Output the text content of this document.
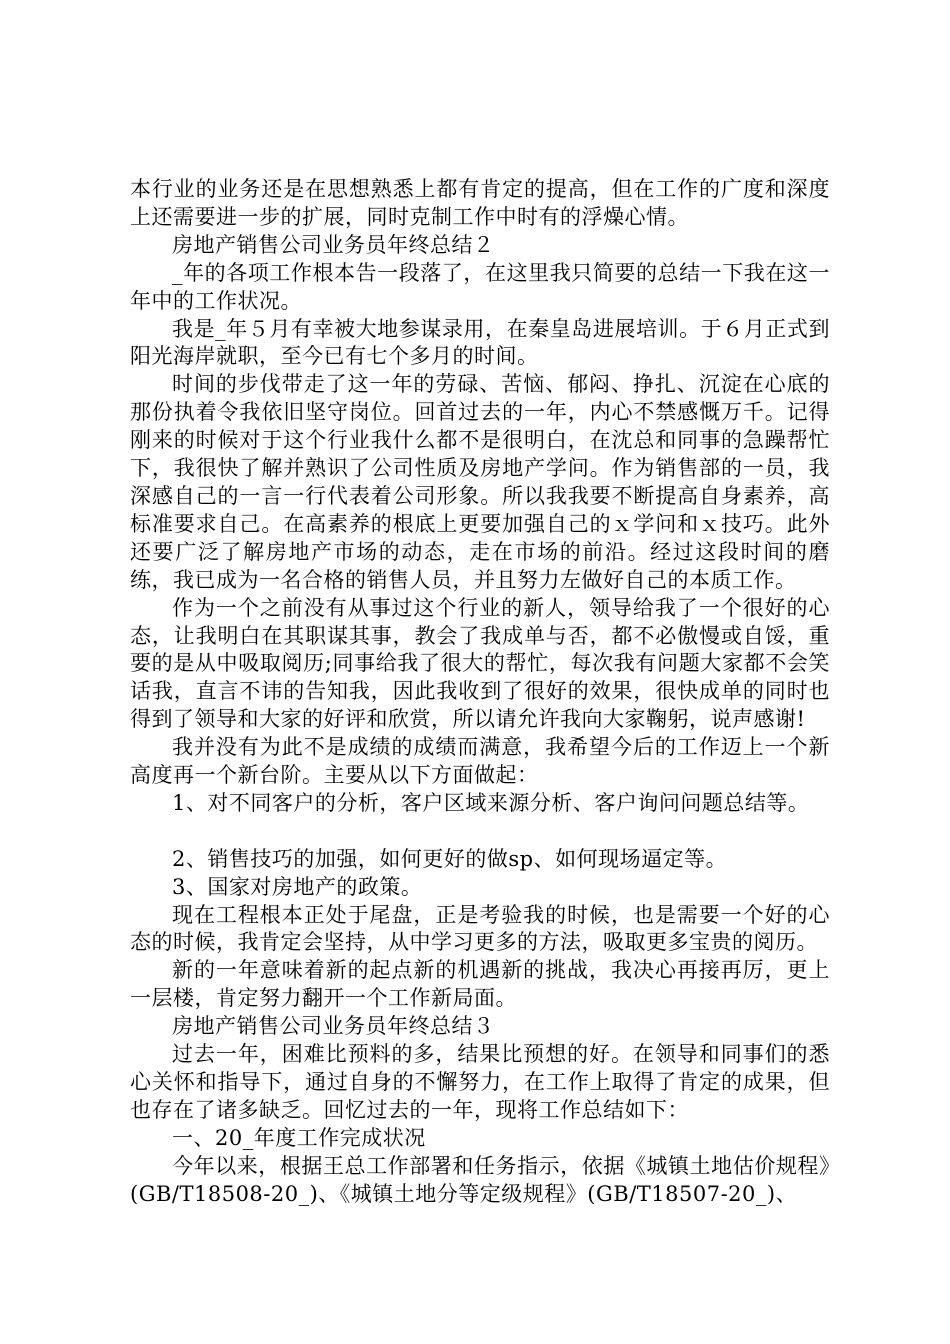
本行业的业务还是在思想熟悉上都有肯定的提高，但在工作的广度和深度上还需要进一步的扩展，同时克制工作中时有的浮燥心情。

房地产销售公司业务员年终总结２

_年的各项工作根本告一段落了，在这里我只简要的总结一下我在这一年中的工作状况。

我是_年５月有幸被大地参谋录用，在秦皇岛进展培训。于６月正式到阳光海岸就职，至今已有七个多月的时间。

时间的步伐带走了这一年的劳碌、苦恼、郁闷、挣扎、沉淀在心底的那份执着令我依旧坚守岗位。回首过去的一年，内心不禁感慨万千。记得刚来的时候对于这个行业我什么都不是很明白，在沈总和同事的急躁帮忙下，我很快了解并熟识了公司性质及房地产学问。作为销售部的一员，我深感自己的一言一行代表着公司形象。所以我我要不断提高自身素养，高标准要求自己。在高素养的根底上更要加强自己的ｘ学问和ｘ技巧。此外还要广泛了解房地产市场的动态，走在市场的前沿。经过这段时间的磨练，我已成为一名合格的销售人员，并且努力左做好自己的本质工作。

作为一个之前没有从事过这个行业的新人，领导给我了一个很好的心态，让我明白在其职谋其事，教会了我成单与否，都不必傲慢或自馁，重要的是从中吸取阅历;同事给我了很大的帮忙，每次我有问题大家都不会笑话我，直言不讳的告知我，因此我收到了很好的效果，很快成单的同时也得到了领导和大家的好评和欣赏，所以请允许我向大家鞠躬，说声感谢!

我并没有为此不是成绩的成绩而满意，我希望今后的工作迈上一个新高度再一个新台阶。主要从以下方面做起：

1、对不同客户的分析，客户区域来源分析、客户询问问题总结等。

2、销售技巧的加强，如何更好的做sp、如何现场逼定等。

3、国家对房地产的政策。

现在工程根本正处于尾盘，正是考验我的时候，也是需要一个好的心态的时候，我肯定会坚持，从中学习更多的方法，吸取更多宝贵的阅历。

新的一年意味着新的起点新的机遇新的挑战，我决心再接再厉，更上一层楼，肯定努力翻开一个工作新局面。

房地产销售公司业务员年终总结３

过去一年，困难比预料的多，结果比预想的好。在领导和同事们的悉心关怀和指导下，通过自身的不懈努力，在工作上取得了肯定的成果，但也存在了诸多缺乏。回忆过去的一年，现将工作总结如下：

一、20_年度工作完成状况

今年以来，根据王总工作部署和任务指示，依据《城镇土地估价规程》(GB/T18508-20_)、《城镇土地分等定级规程》(GB/T18507-20_)、
